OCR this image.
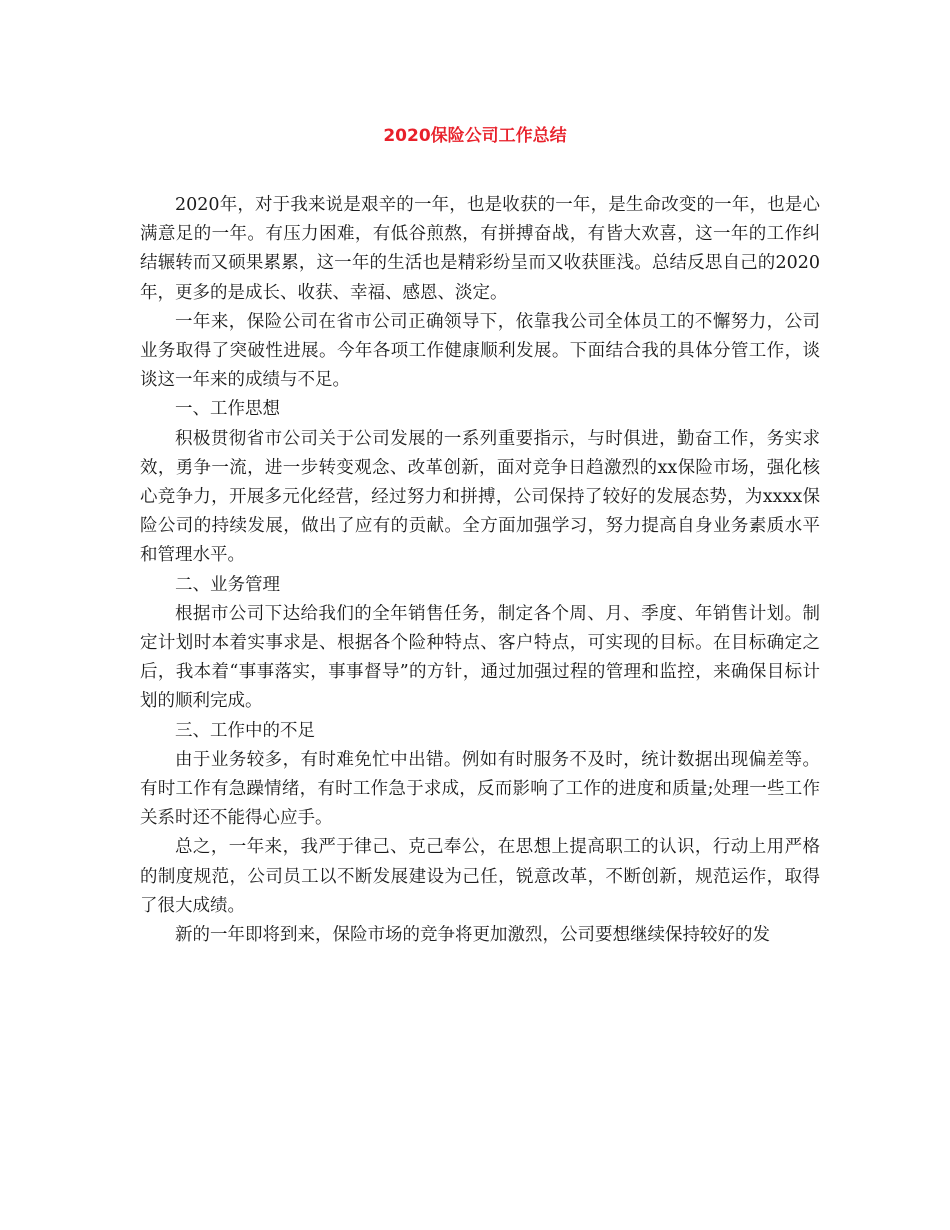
2020保险公司工作总结

2020年，对于我来说是艰辛的一年，也是收获的一年，是生命改变的一年，也是心满意足的一年。有压力困难，有低谷煎熬，有拼搏奋战，有皆大欢喜，这一年的工作纠结辗转而又硕果累累，这一年的生活也是精彩纷呈而又收获匪浅。总结反思自己的2020年，更多的是成长、收获、幸福、感恩、淡定。

一年来，保险公司在省市公司正确领导下，依靠我公司全体员工的不懈努力，公司业务取得了突破性进展。今年各项工作健康顺利发展。下面结合我的具体分管工作，谈谈这一年来的成绩与不足。

一、工作思想

积极贯彻省市公司关于公司发展的一系列重要指示，与时俱进，勤奋工作，务实求效，勇争一流，进一步转变观念、改革创新，面对竞争日趋激烈的xx保险市场，强化核心竞争力，开展多元化经营，经过努力和拼搏，公司保持了较好的发展态势，为xxxx保险公司的持续发展，做出了应有的贡献。全方面加强学习，努力提高自身业务素质水平和管理水平。

二、业务管理

根据市公司下达给我们的全年销售任务，制定各个周、月、季度、年销售计划。制定计划时本着实事求是、根据各个险种特点、客户特点，可实现的目标。在目标确定之后，我本着“事事落实，事事督导”的方针，通过加强过程的管理和监控，来确保目标计划的顺利完成。

三、工作中的不足

由于业务较多，有时难免忙中出错。例如有时服务不及时，统计数据出现偏差等。有时工作有急躁情绪，有时工作急于求成，反而影响了工作的进度和质量;处理一些工作关系时还不能得心应手。

总之，一年来，我严于律己、克己奉公，在思想上提高职工的认识，行动上用严格的制度规范，公司员工以不断发展建设为己任，锐意改革，不断创新，规范运作，取得了很大成绩。

新的一年即将到来，保险市场的竞争将更加激烈，公司要想继续保持较好的发
